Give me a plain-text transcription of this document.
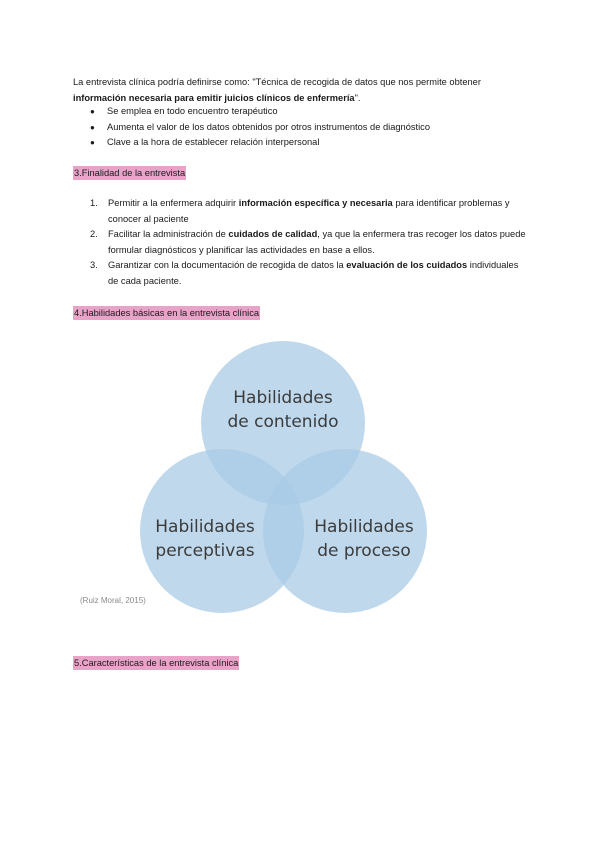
La entrevista clínica podría definirse como: "Técnica de recogida de datos que nos permite obtener
información necesaria para emitir juicios clínicos de enfermería".
● Se emplea en todo encuentro terapéutico
● Aumenta el valor de los datos obtenidos por otros instrumentos de diagnóstico
● Clave a la hora de establecer relación interpersonal
3.Finalidad de la entrevista
1. Permitir a la enfermera adquirir información específica y necesaria para identificar problemas y conocer al paciente
2. Facilitar la administración de cuidados de calidad, ya que la enfermera tras recoger los datos puede formular diagnósticos y planificar las actividades en base a ellos.
3. Garantizar con la documentación de recogida de datos la evaluación de los cuidados individuales de cada paciente.
4.Habilidades básicas en la entrevista clínica
Habilidades
de contenido
Habilidades
perceptivas
Habilidades
de proceso
(Ruiz Moral, 2015)
5.Características de la entrevista clínica
